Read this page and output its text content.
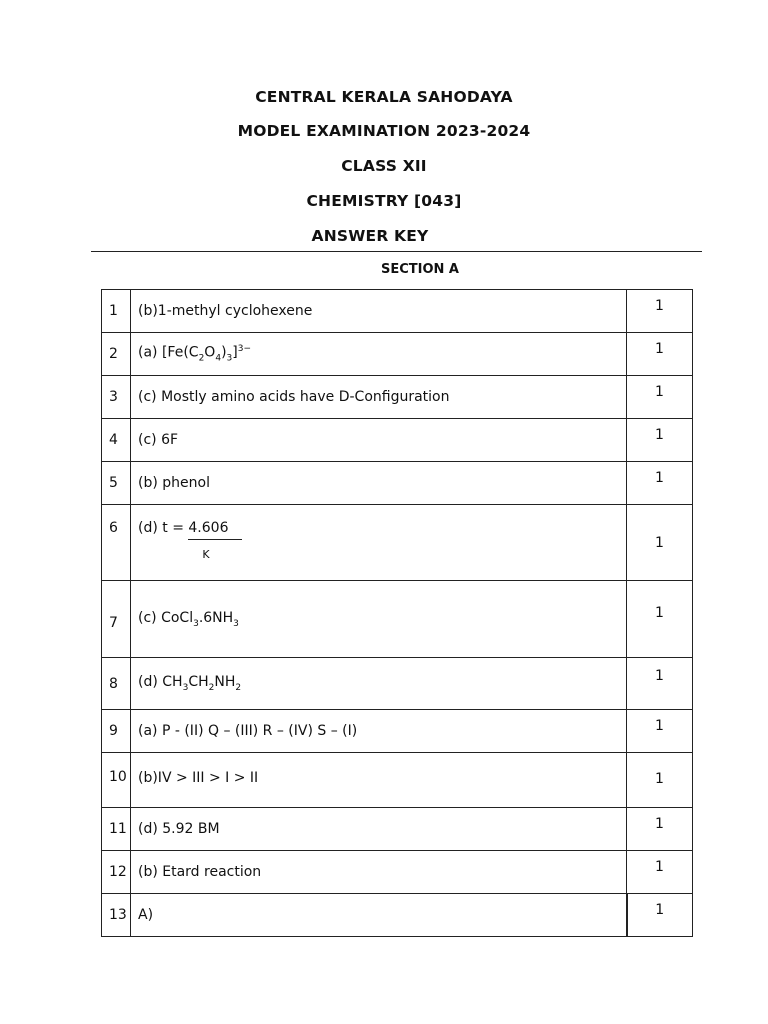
CENTRAL KERALA SAHODAYA
MODEL EXAMINATION 2023-2024
CLASS XII
CHEMISTRY [043]
ANSWER KEY
SECTION A
1	(b)1-methyl cyclohexene	1
2	(a) $[Fe(C_2O_4)_3]^{3-}$	1
3	(c) Mostly amino acids have D-Configuration	1
4	(c) 6F	1
5	(b) phenol	1
6	(d) $t = \frac{4.606}{K}$	1
7	(c) $CoCl_3.6NH_3$	1
8	(d) $CH_3CH_2NH_2$	1
9	(a) P - (II) Q – (III) R – (IV) S – (I)	1
10	(b)IV > III > I > II	1
11	(d) 5.92 BM	1
12	(b) Etard reaction	1
13	A)	1
